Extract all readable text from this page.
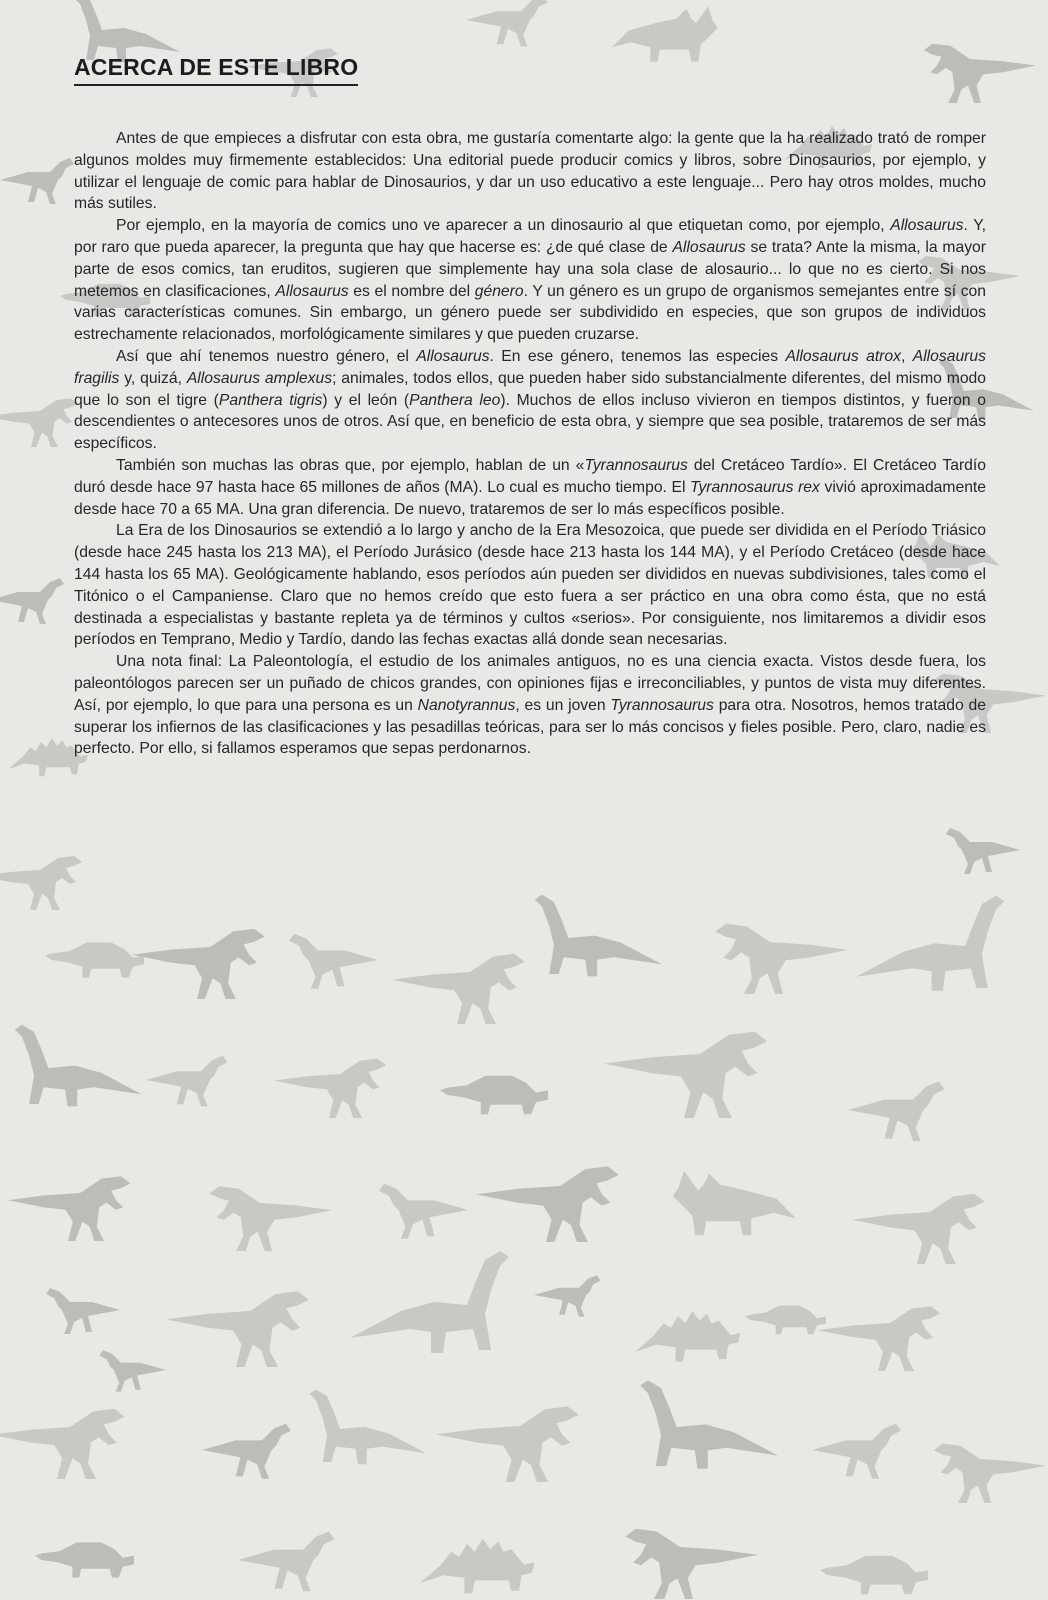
ACERCA DE ESTE LIBRO

Antes de que empieces a disfrutar con esta obra, me gustaría comentarte algo: la gente que la ha realizado trató de romper algunos moldes muy firmemente establecidos: Una editorial puede producir comics y libros, sobre Dinosaurios, por ejemplo, y utilizar el lenguaje de comic para hablar de Dinosaurios, y dar un uso educativo a este lenguaje... Pero hay otros moldes, mucho más sutiles.

Por ejemplo, en la mayoría de comics uno ve aparecer a un dinosaurio al que etiquetan como, por ejemplo, Allosaurus. Y, por raro que pueda aparecer, la pregunta que hay que hacerse es: ¿de qué clase de Allosaurus se trata? Ante la misma, la mayor parte de esos comics, tan eruditos, sugieren que simplemente hay una sola clase de alosaurio... lo que no es cierto. Si nos metemos en clasificaciones, Allosaurus es el nombre del género. Y un género es un grupo de organismos semejantes entre sí con varias características comunes. Sin embargo, un género puede ser subdividido en especies, que son grupos de individuos estrechamente relacionados, morfológicamente similares y que pueden cruzarse.

Así que ahí tenemos nuestro género, el Allosaurus. En ese género, tenemos las especies Allosaurus atrox, Allosaurus fragilis y, quizá, Allosaurus amplexus; animales, todos ellos, que pueden haber sido substancialmente diferentes, del mismo modo que lo son el tigre (Panthera tigris) y el león (Panthera leo). Muchos de ellos incluso vivieron en tiempos distintos, y fueron o descendientes o antecesores unos de otros. Así que, en beneficio de esta obra, y siempre que sea posible, trataremos de ser más específicos.

También son muchas las obras que, por ejemplo, hablan de un «Tyrannosaurus del Cretáceo Tardío». El Cretáceo Tardío duró desde hace 97 hasta hace 65 millones de años (MA). Lo cual es mucho tiempo. El Tyrannosaurus rex vivió aproximadamente desde hace 70 a 65 MA. Una gran diferencia. De nuevo, trataremos de ser lo más específicos posible.

La Era de los Dinosaurios se extendió a lo largo y ancho de la Era Mesozoica, que puede ser dividida en el Período Triásico (desde hace 245 hasta los 213 MA), el Período Jurásico (desde hace 213 hasta los 144 MA), y el Período Cretáceo (desde hace 144 hasta los 65 MA). Geológicamente hablando, esos períodos aún pueden ser divididos en nuevas subdivisiones, tales como el Titónico o el Campaniense. Claro que no hemos creído que esto fuera a ser práctico en una obra como ésta, que no está destinada a especialistas y bastante repleta ya de términos y cultos «serios». Por consiguiente, nos limitaremos a dividir esos períodos en Temprano, Medio y Tardío, dando las fechas exactas allá donde sean necesarias.

Una nota final: La Paleontología, el estudio de los animales antiguos, no es una ciencia exacta. Vistos desde fuera, los paleontólogos parecen ser un puñado de chicos grandes, con opiniones fijas e irreconciliables, y puntos de vista muy diferentes. Así, por ejemplo, lo que para una persona es un Nanotyrannus, es un joven Tyrannosaurus para otra. Nosotros, hemos tratado de superar los infiernos de las clasificaciones y las pesadillas teóricas, para ser lo más concisos y fieles posible. Pero, claro, nadie es perfecto. Por ello, si fallamos esperamos que sepas perdonarnos.
